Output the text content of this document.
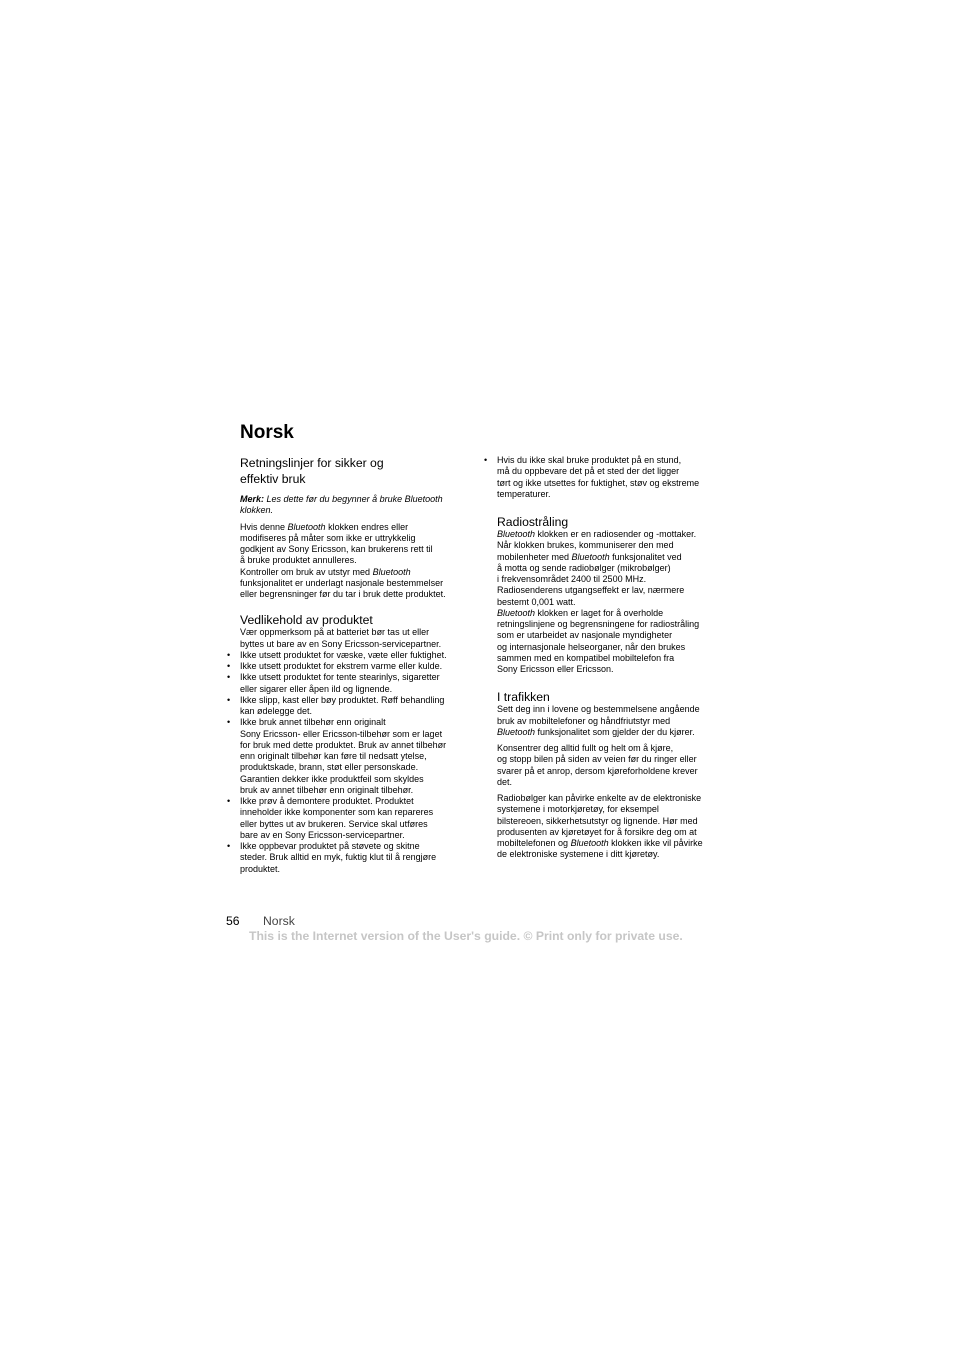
Norsk
Retningslinjer for sikker og
effektiv bruk
Merk: Les dette før du begynner å bruke Bluetooth
klokken.
Hvis denne Bluetooth klokken endres eller
modifiseres på måter som ikke er uttrykkelig
godkjent av Sony Ericsson, kan brukerens rett til
å bruke produktet annulleres.
Kontroller om bruk av utstyr med Bluetooth
funksjonalitet er underlagt nasjonale bestemmelser
eller begrensninger før du tar i bruk dette produktet.
Vedlikehold av produktet
Vær oppmerksom på at batteriet bør tas ut eller
byttes ut bare av en Sony Ericsson-servicepartner.
• Ikke utsett produktet for væske, væte eller fuktighet.
• Ikke utsett produktet for ekstrem varme eller kulde.
• Ikke utsett produktet for tente stearinlys, sigaretter
eller sigarer eller åpen ild og lignende.
• Ikke slipp, kast eller bøy produktet. Røff behandling
kan ødelegge det.
• Ikke bruk annet tilbehør enn originalt
Sony Ericsson- eller Ericsson-tilbehør som er laget
for bruk med dette produktet. Bruk av annet tilbehør
enn originalt tilbehør kan føre til nedsatt ytelse,
produktskade, brann, støt eller personskade.
Garantien dekker ikke produktfeil som skyldes
bruk av annet tilbehør enn originalt tilbehør.
• Ikke prøv å demontere produktet. Produktet
inneholder ikke komponenter som kan repareres
eller byttes ut av brukeren. Service skal utføres
bare av en Sony Ericsson-servicepartner.
• Ikke oppbevar produktet på støvete og skitne
steder. Bruk alltid en myk, fuktig klut til å rengjøre
produktet.
• Hvis du ikke skal bruke produktet på en stund,
må du oppbevare det på et sted der det ligger
tørt og ikke utsettes for fuktighet, støv og ekstreme
temperaturer.
Radiostråling
Bluetooth klokken er en radiosender og -mottaker.
Når klokken brukes, kommuniserer den med
mobilenheter med Bluetooth funksjonalitet ved
å motta og sende radiobølger (mikrobølger)
i frekvensområdet 2400 til 2500 MHz.
Radiosenderens utgangseffekt er lav, nærmere
bestemt 0,001 watt.
Bluetooth klokken er laget for å overholde
retningslinjene og begrensningene for radiostråling
som er utarbeidet av nasjonale myndigheter
og internasjonale helseorganer, når den brukes
sammen med en kompatibel mobiltelefon fra
Sony Ericsson eller Ericsson.
I trafikken
Sett deg inn i lovene og bestemmelsene angående
bruk av mobiltelefoner og håndfriutstyr med
Bluetooth funksjonalitet som gjelder der du kjører.
Konsentrer deg alltid fullt og helt om å kjøre,
og stopp bilen på siden av veien før du ringer eller
svarer på et anrop, dersom kjøreforholdene krever
det.
Radiobølger kan påvirke enkelte av de elektroniske
systemene i motorkjøretøy, for eksempel
bilstereoen, sikkerhetsutstyr og lignende. Hør med
produsenten av kjøretøyet for å forsikre deg om at
mobiltelefonen og Bluetooth klokken ikke vil påvirke
de elektroniske systemene i ditt kjøretøy.
56 Norsk
This is the Internet version of the User's guide. © Print only for private use.
